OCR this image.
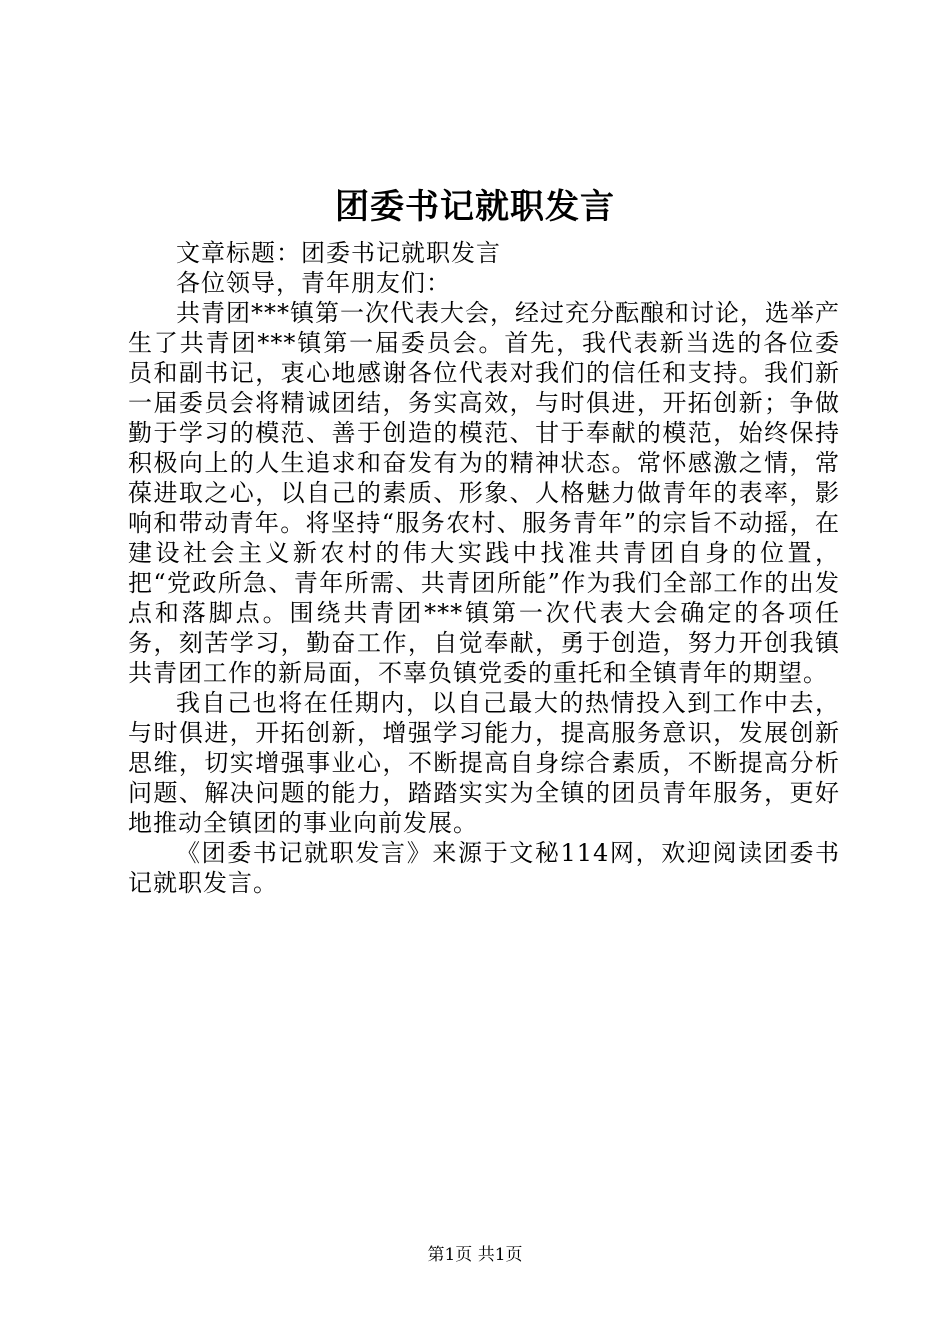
团委书记就职发言

文章标题：团委书记就职发言

各位领导，青年朋友们：

共青团***镇第一次代表大会，经过充分酝酿和讨论，选举产生了共青团***镇第一届委员会。首先，我代表新当选的各位委员和副书记，衷心地感谢各位代表对我们的信任和支持。我们新一届委员会将精诚团结，务实高效，与时俱进，开拓创新；争做勤于学习的模范、善于创造的模范、甘于奉献的模范，始终保持积极向上的人生追求和奋发有为的精神状态。常怀感激之情，常葆进取之心，以自己的素质、形象、人格魅力做青年的表率，影响和带动青年。将坚持“服务农村、服务青年”的宗旨不动摇，在建设社会主义新农村的伟大实践中找准共青团自身的位置，把“党政所急、青年所需、共青团所能”作为我们全部工作的出发点和落脚点。围绕共青团***镇第一次代表大会确定的各项任务，刻苦学习，勤奋工作，自觉奉献，勇于创造，努力开创我镇共青团工作的新局面，不辜负镇党委的重托和全镇青年的期望。

我自己也将在任期内，以自己最大的热情投入到工作中去，与时俱进，开拓创新，增强学习能力，提高服务意识，发展创新思维，切实增强事业心，不断提高自身综合素质，不断提高分析问题、解决问题的能力，踏踏实实为全镇的团员青年服务，更好地推动全镇团的事业向前发展。

《团委书记就职发言》来源于文秘114网，欢迎阅读团委书记就职发言。

第1页 共1页
